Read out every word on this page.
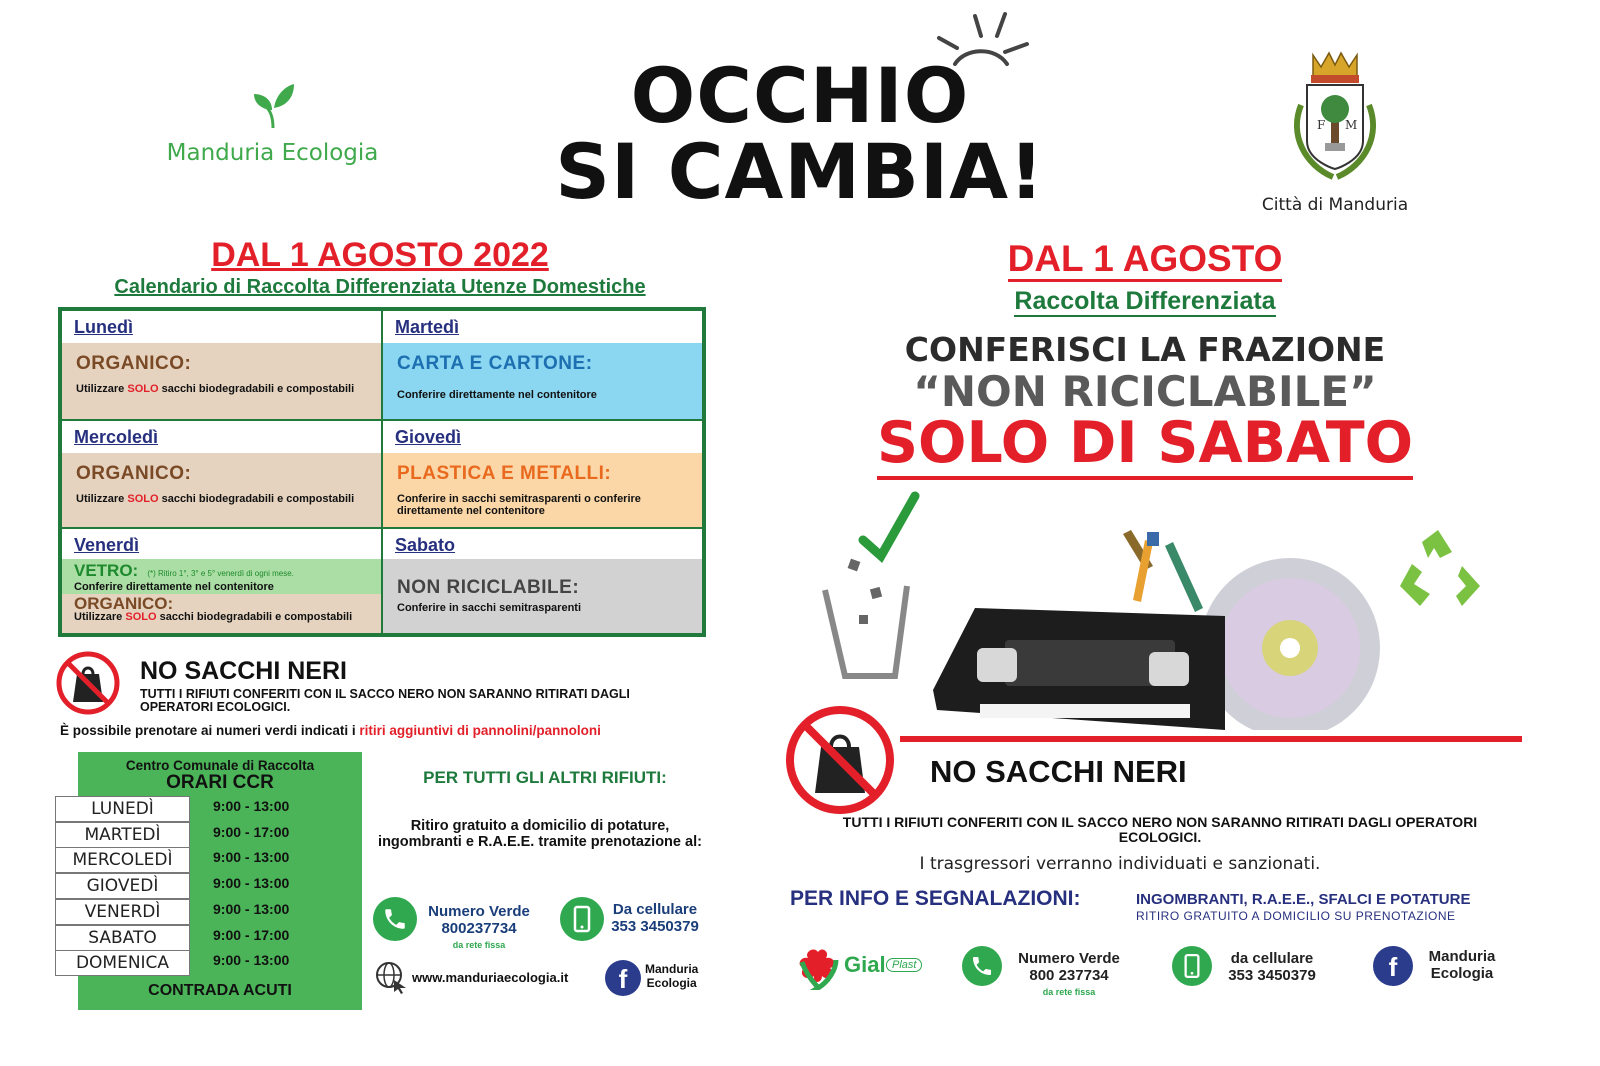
Manduria Ecologia
OCCHIO
SI CAMBIA!
F M
Città di Manduria
DAL 1 AGOSTO 2022
Calendario di Raccolta Differenziata Utenze Domestiche
Lunedì
ORGANICO:
Utilizzare SOLO sacchi biodegradabili e compostabili
Martedì
CARTA E CARTONE:
Conferire direttamente nel contenitore
Mercoledì
ORGANICO:
Utilizzare SOLO sacchi biodegradabili e compostabili
Giovedì
PLASTICA E METALLI:
Conferire in sacchi semitrasparenti o conferire direttamente nel contenitore
Venerdì
VETRO: (*) Ritiro 1°, 3° e 5° venerdì di ogni mese.
Conferire direttamente nel contenitore
ORGANICO:
Utilizzare SOLO sacchi biodegradabili e compostabili
Sabato
NON RICICLABILE:
Conferire in sacchi semitrasparenti
NO SACCHI NERI
TUTTI I RIFIUTI CONFERITI CON IL SACCO NERO NON SARANNO RITIRATI DAGLI OPERATORI ECOLOGICI.
È possibile prenotare ai numeri verdi indicati i ritiri aggiuntivi di pannolini/pannoloni
Centro Comunale di Raccolta
ORARI CCR
LUNEDÌ	9:00 - 13:00
MARTEDÌ	9:00 - 17:00
MERCOLEDÌ	9:00 - 13:00
GIOVEDÌ	9:00 - 13:00
VENERDÌ	9:00 - 13:00
SABATO	9:00 - 17:00
DOMENICA	9:00 - 13:00
CONTRADA ACUTI
PER TUTTI GLI ALTRI RIFIUTI:
Ritiro gratuito a domicilio di potature, ingombranti e R.A.E.E. tramite prenotazione al:
Numero Verde
800237734
da rete fissa
Da cellulare
353 3450379
www.manduriaecologia.it	f	Manduria
Ecologia
DAL 1 AGOSTO
Raccolta Differenziata
CONFERISCI LA FRAZIONE
“NON RICICLABILE”
SOLO DI SABATO
NO SACCHI NERI
TUTTI I RIFIUTI CONFERITI CON IL SACCO NERO NON SARANNO RITIRATI DAGLI OPERATORI ECOLOGICI.
I trasgressori verranno individuati e sanzionati.
PER INFO E SEGNALAZIONI:	INGOMBRANTI, R.A.E.E., SFALCI E POTATURE
RITIRO GRATUITO A DOMICILIO SU PRENOTAZIONE
Gial Plast	Numero Verde
800 237734
da rete fissa
da cellulare
353 3450379	f	Manduria
Ecologia
